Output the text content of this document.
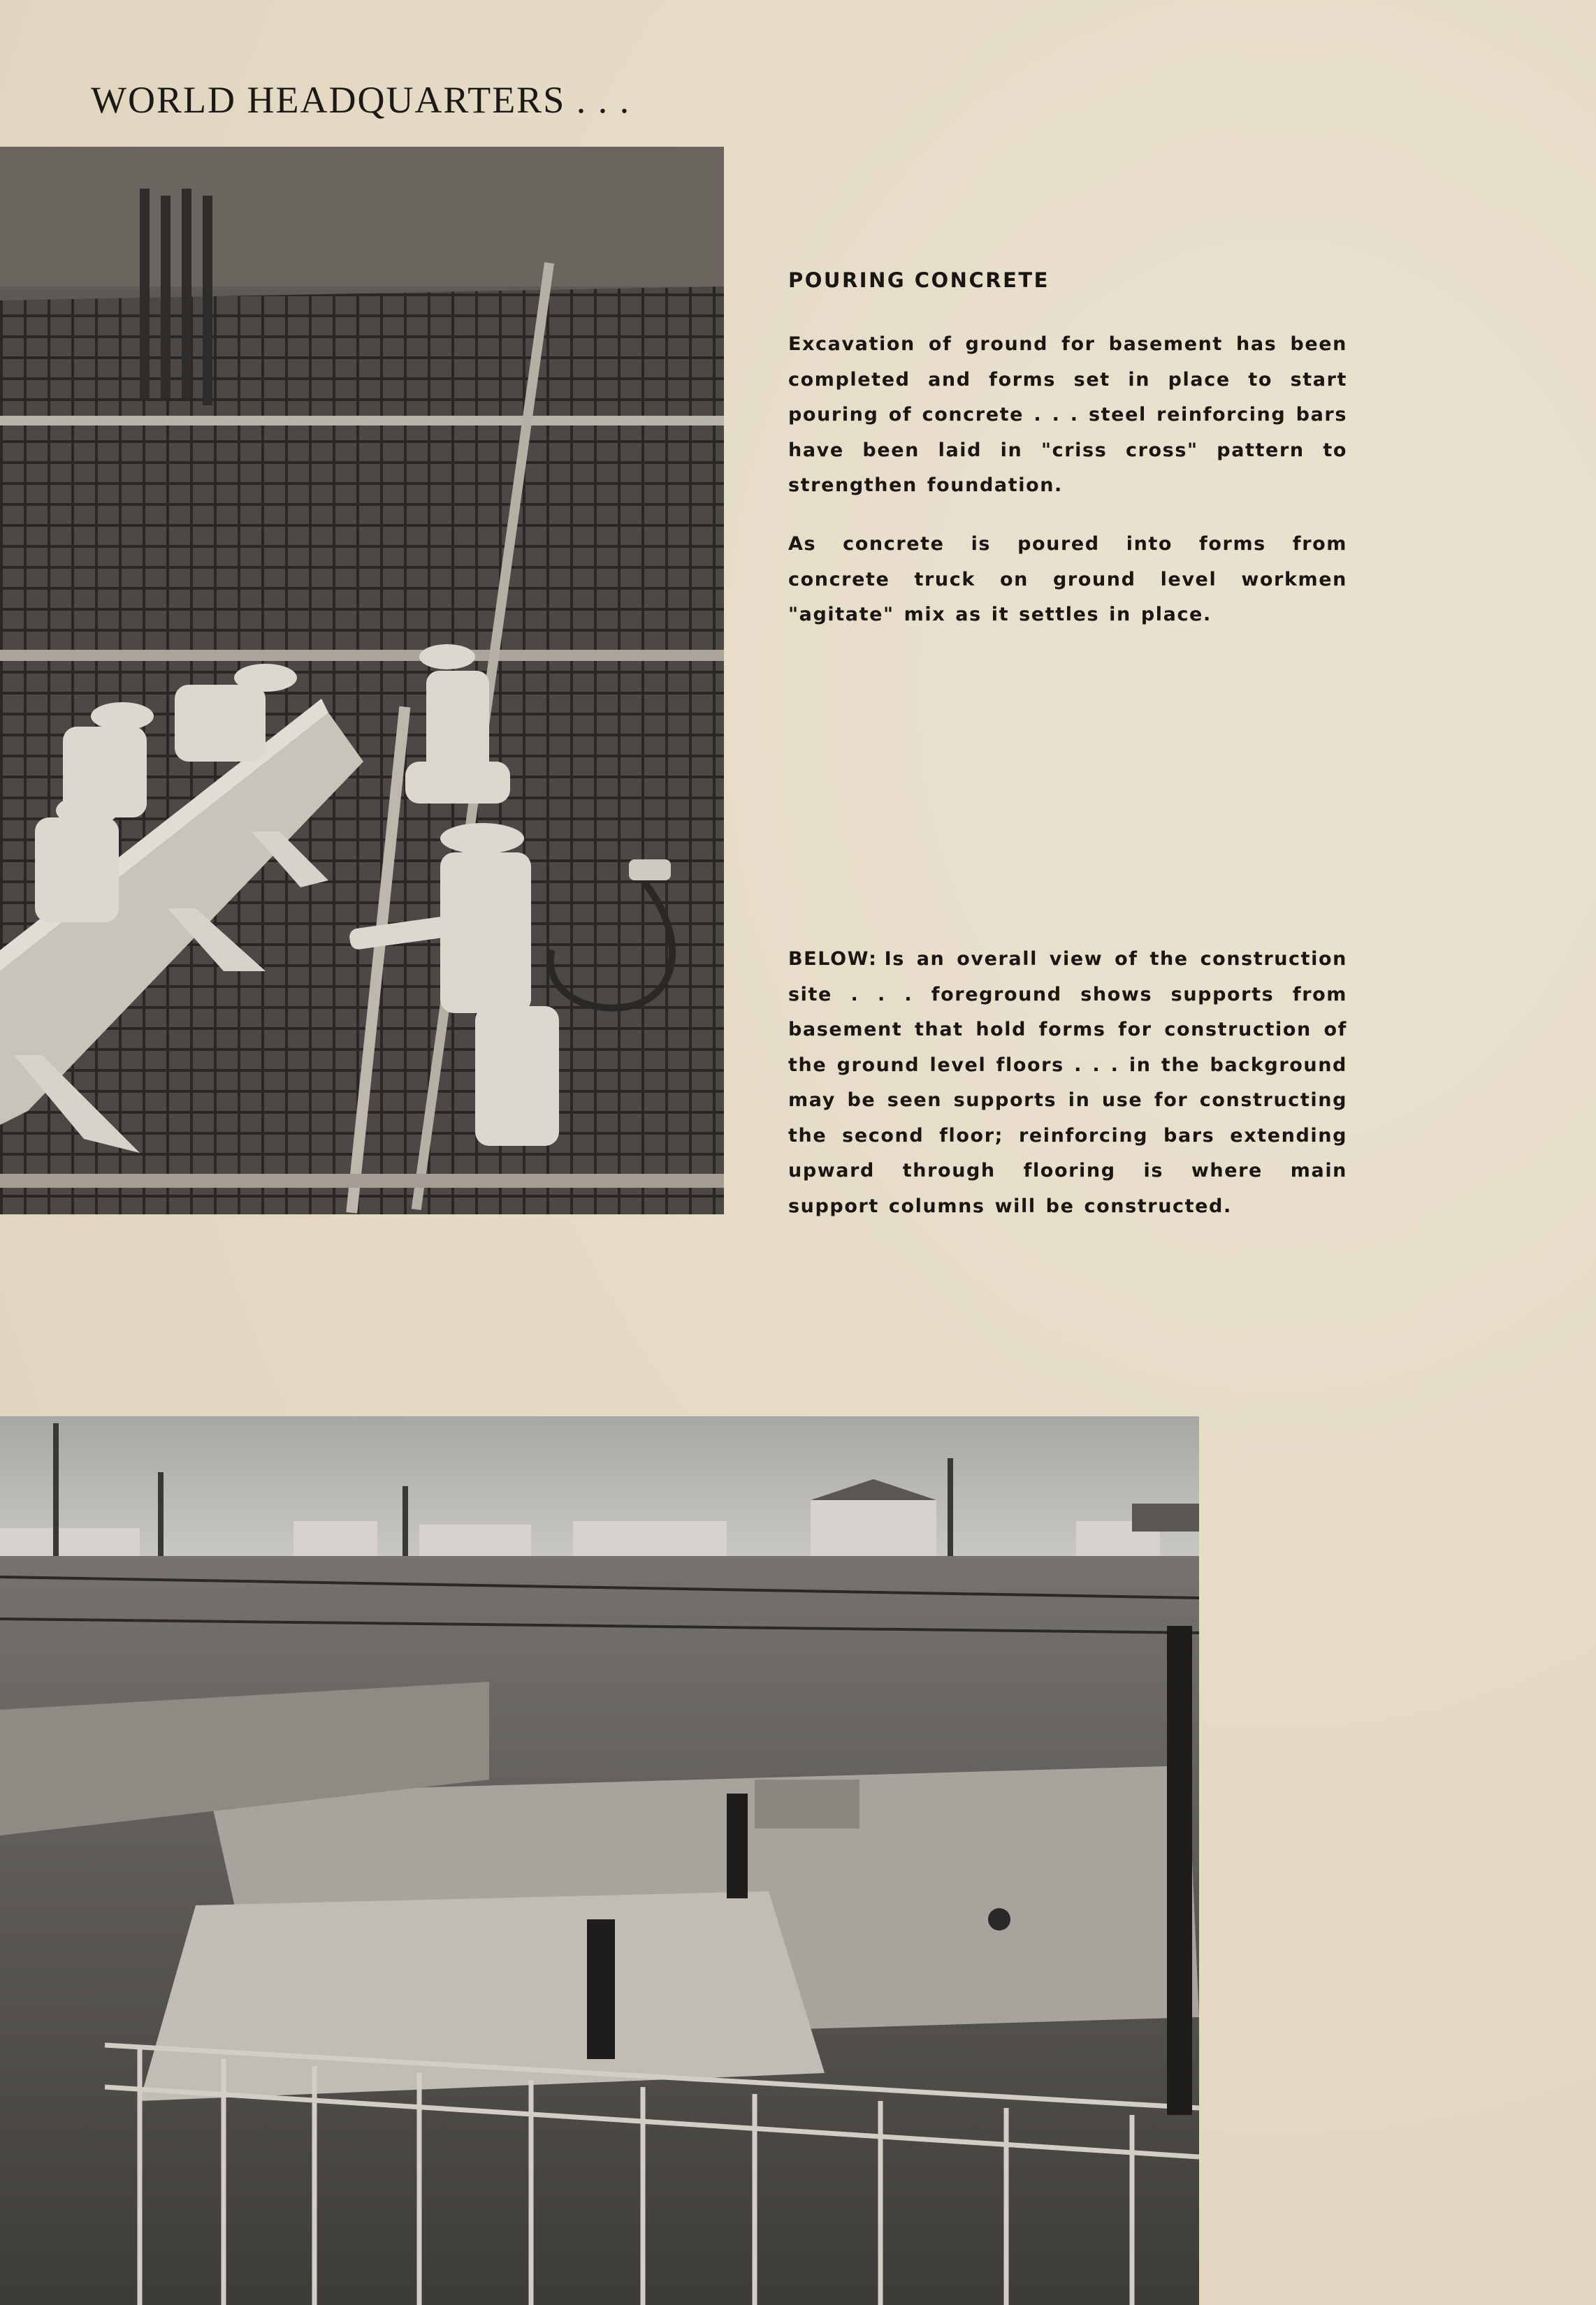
WORLD HEADQUARTERS . . .
POURING CONCRETE
Excavation of ground for basement has been completed and forms set in place to start pouring of concrete . . . steel reinforcing bars have been laid in "criss cross" pattern to strengthen foundation.
As concrete is poured into forms from concrete truck on ground level workmen "agitate" mix as it settles in place.
BELOW: Is an overall view of the construction site . . . foreground shows supports from basement that hold forms for construction of the ground level floors . . . in the background may be seen supports in use for constructing the second floor; reinforcing bars extending upward through flooring is where main support columns will be constructed.
